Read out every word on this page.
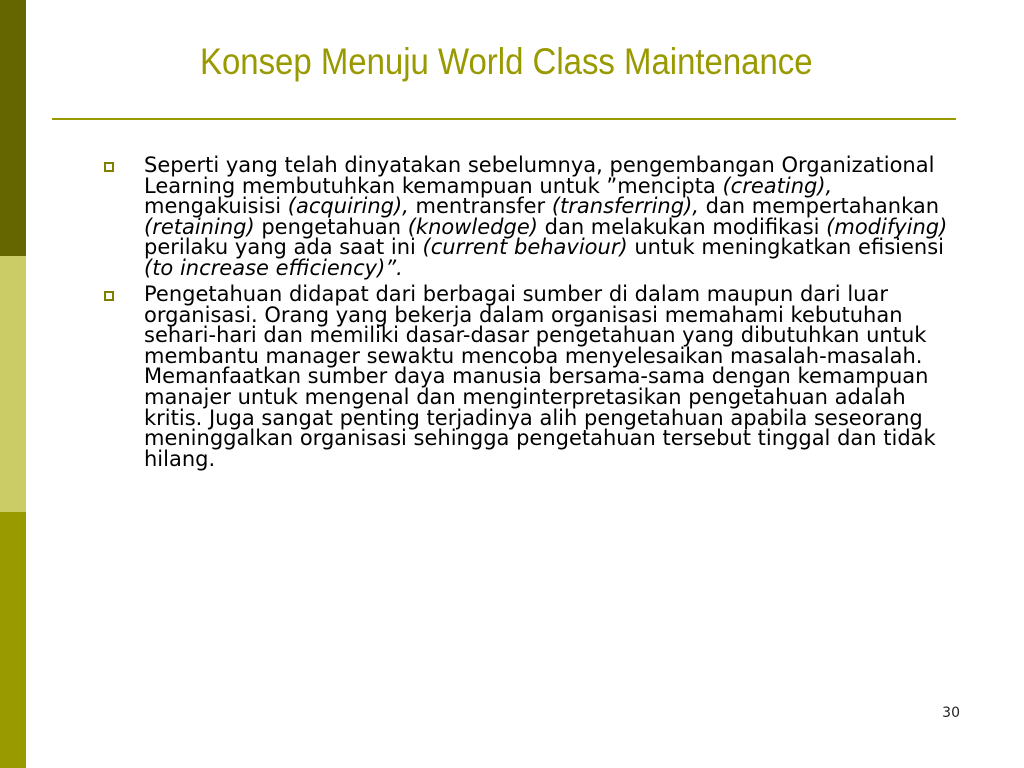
Konsep Menuju World Class Maintenance

Seperti yang telah dinyatakan sebelumnya, pengembangan Organizational Learning membutuhkan kemampuan untuk ”mencipta (creating), mengakuisisi (acquiring), mentransfer (transferring), dan mempertahankan (retaining) pengetahuan (knowledge) dan melakukan modifikasi (modifying) perilaku yang ada saat ini (current behaviour) untuk meningkatkan efisiensi (to increase efficiency)”.

Pengetahuan didapat dari berbagai sumber di dalam maupun dari luar organisasi. Orang yang bekerja dalam organisasi memahami kebutuhan sehari-hari dan memiliki dasar-dasar pengetahuan yang dibutuhkan untuk membantu manager sewaktu mencoba menyelesaikan masalah-masalah. Memanfaatkan sumber daya manusia bersama-sama dengan kemampuan manajer untuk mengenal dan menginterpretasikan pengetahuan adalah kritis. Juga sangat penting terjadinya alih pengetahuan apabila seseorang meninggalkan organisasi sehingga pengetahuan tersebut tinggal dan tidak hilang.

30
